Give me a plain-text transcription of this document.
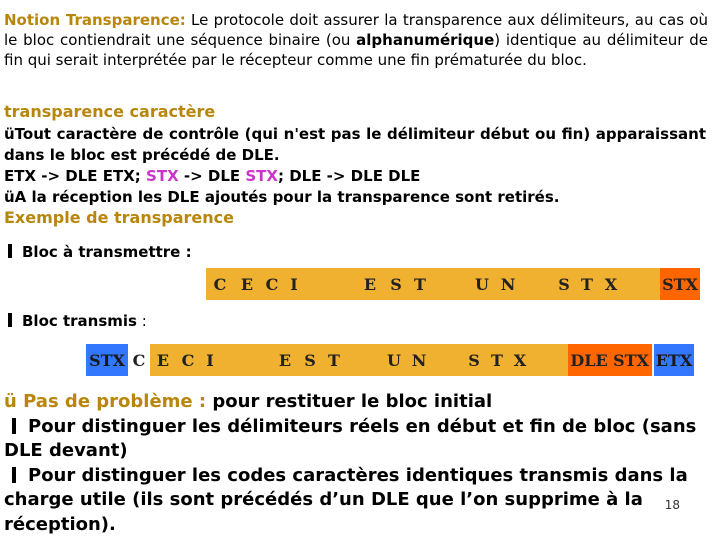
Notion Transparence: Le protocole doit assurer la transparence aux délimiteurs, au cas où le bloc contiendrait une séquence binaire (ou alphanumérique) identique au délimiteur de fin qui serait interprétée par le récepteur comme une fin prématurée du bloc.
transparence caractère
üTout caractère de contrôle (qui n'est pas le délimiteur début ou fin) apparaissant dans le bloc est précédé de DLE.
ETX -> DLE ETX; STX -> DLE STX; DLE -> DLE DLE
üA la réception les DLE ajoutés pour la transparence sont retirés.
Exemple de transparence
Bloc à transmettre :
C E C I	E S T	U N	S T X	STX
Bloc transmis :
STX C E C I	E S T	U N	S T X	DLE STX ETX
ü Pas de problème : pour restituer le bloc initial
Pour distinguer les délimiteurs réels en début et fin de bloc (sans DLE devant)
Pour distinguer les codes caractères identiques transmis dans la charge utile (ils sont précédés d’un DLE que l’on supprime à la réception).
18
